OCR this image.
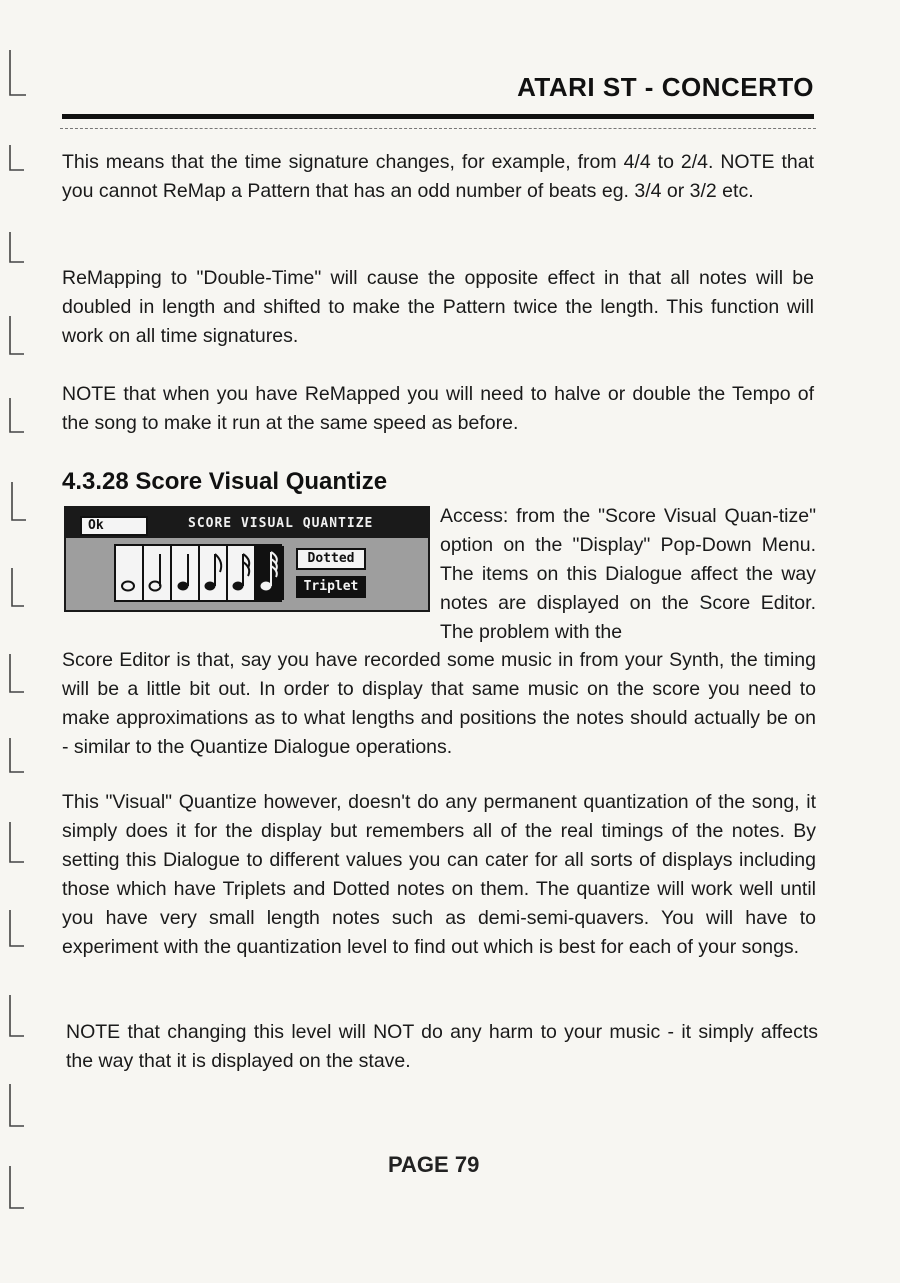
ATARI ST - CONCERTO

This means that the time signature changes, for example, from 4/4 to 2/4. NOTE that you cannot ReMap a Pattern that has an odd number of beats eg. 3/4 or 3/2 etc.

ReMapping to "Double-Time" will cause the opposite effect in that all notes will be doubled in length and shifted to make the Pattern twice the length. This function will work on all time signatures.

NOTE that when you have ReMapped you will need to halve or double the Tempo of the song to make it run at the same speed as before.

4.3.28 Score Visual Quantize
Ok	SCORE VISUAL QUANTIZE
Dotted
Triplet

Access: from the "Score Visual Quan-tize" option on the "Display" Pop-Down Menu. The items on this Dialogue affect the way notes are displayed on the Score Editor. The problem with the

Score Editor is that, say you have recorded some music in from your Synth, the timing will be a little bit out. In order to display that same music on the score you need to make approximations as to what lengths and positions the notes should actually be on - similar to the Quantize Dialogue operations.

This "Visual" Quantize however, doesn't do any permanent quantization of the song, it simply does it for the display but remembers all of the real timings of the notes. By setting this Dialogue to different values you can cater for all sorts of displays including those which have Triplets and Dotted notes on them. The quantize will work well until you have very small length notes such as demi-semi-quavers. You will have to experiment with the quantization level to find out which is best for each of your songs.

NOTE that changing this level will NOT do any harm to your music - it simply affects the way that it is displayed on the stave.

PAGE 79
